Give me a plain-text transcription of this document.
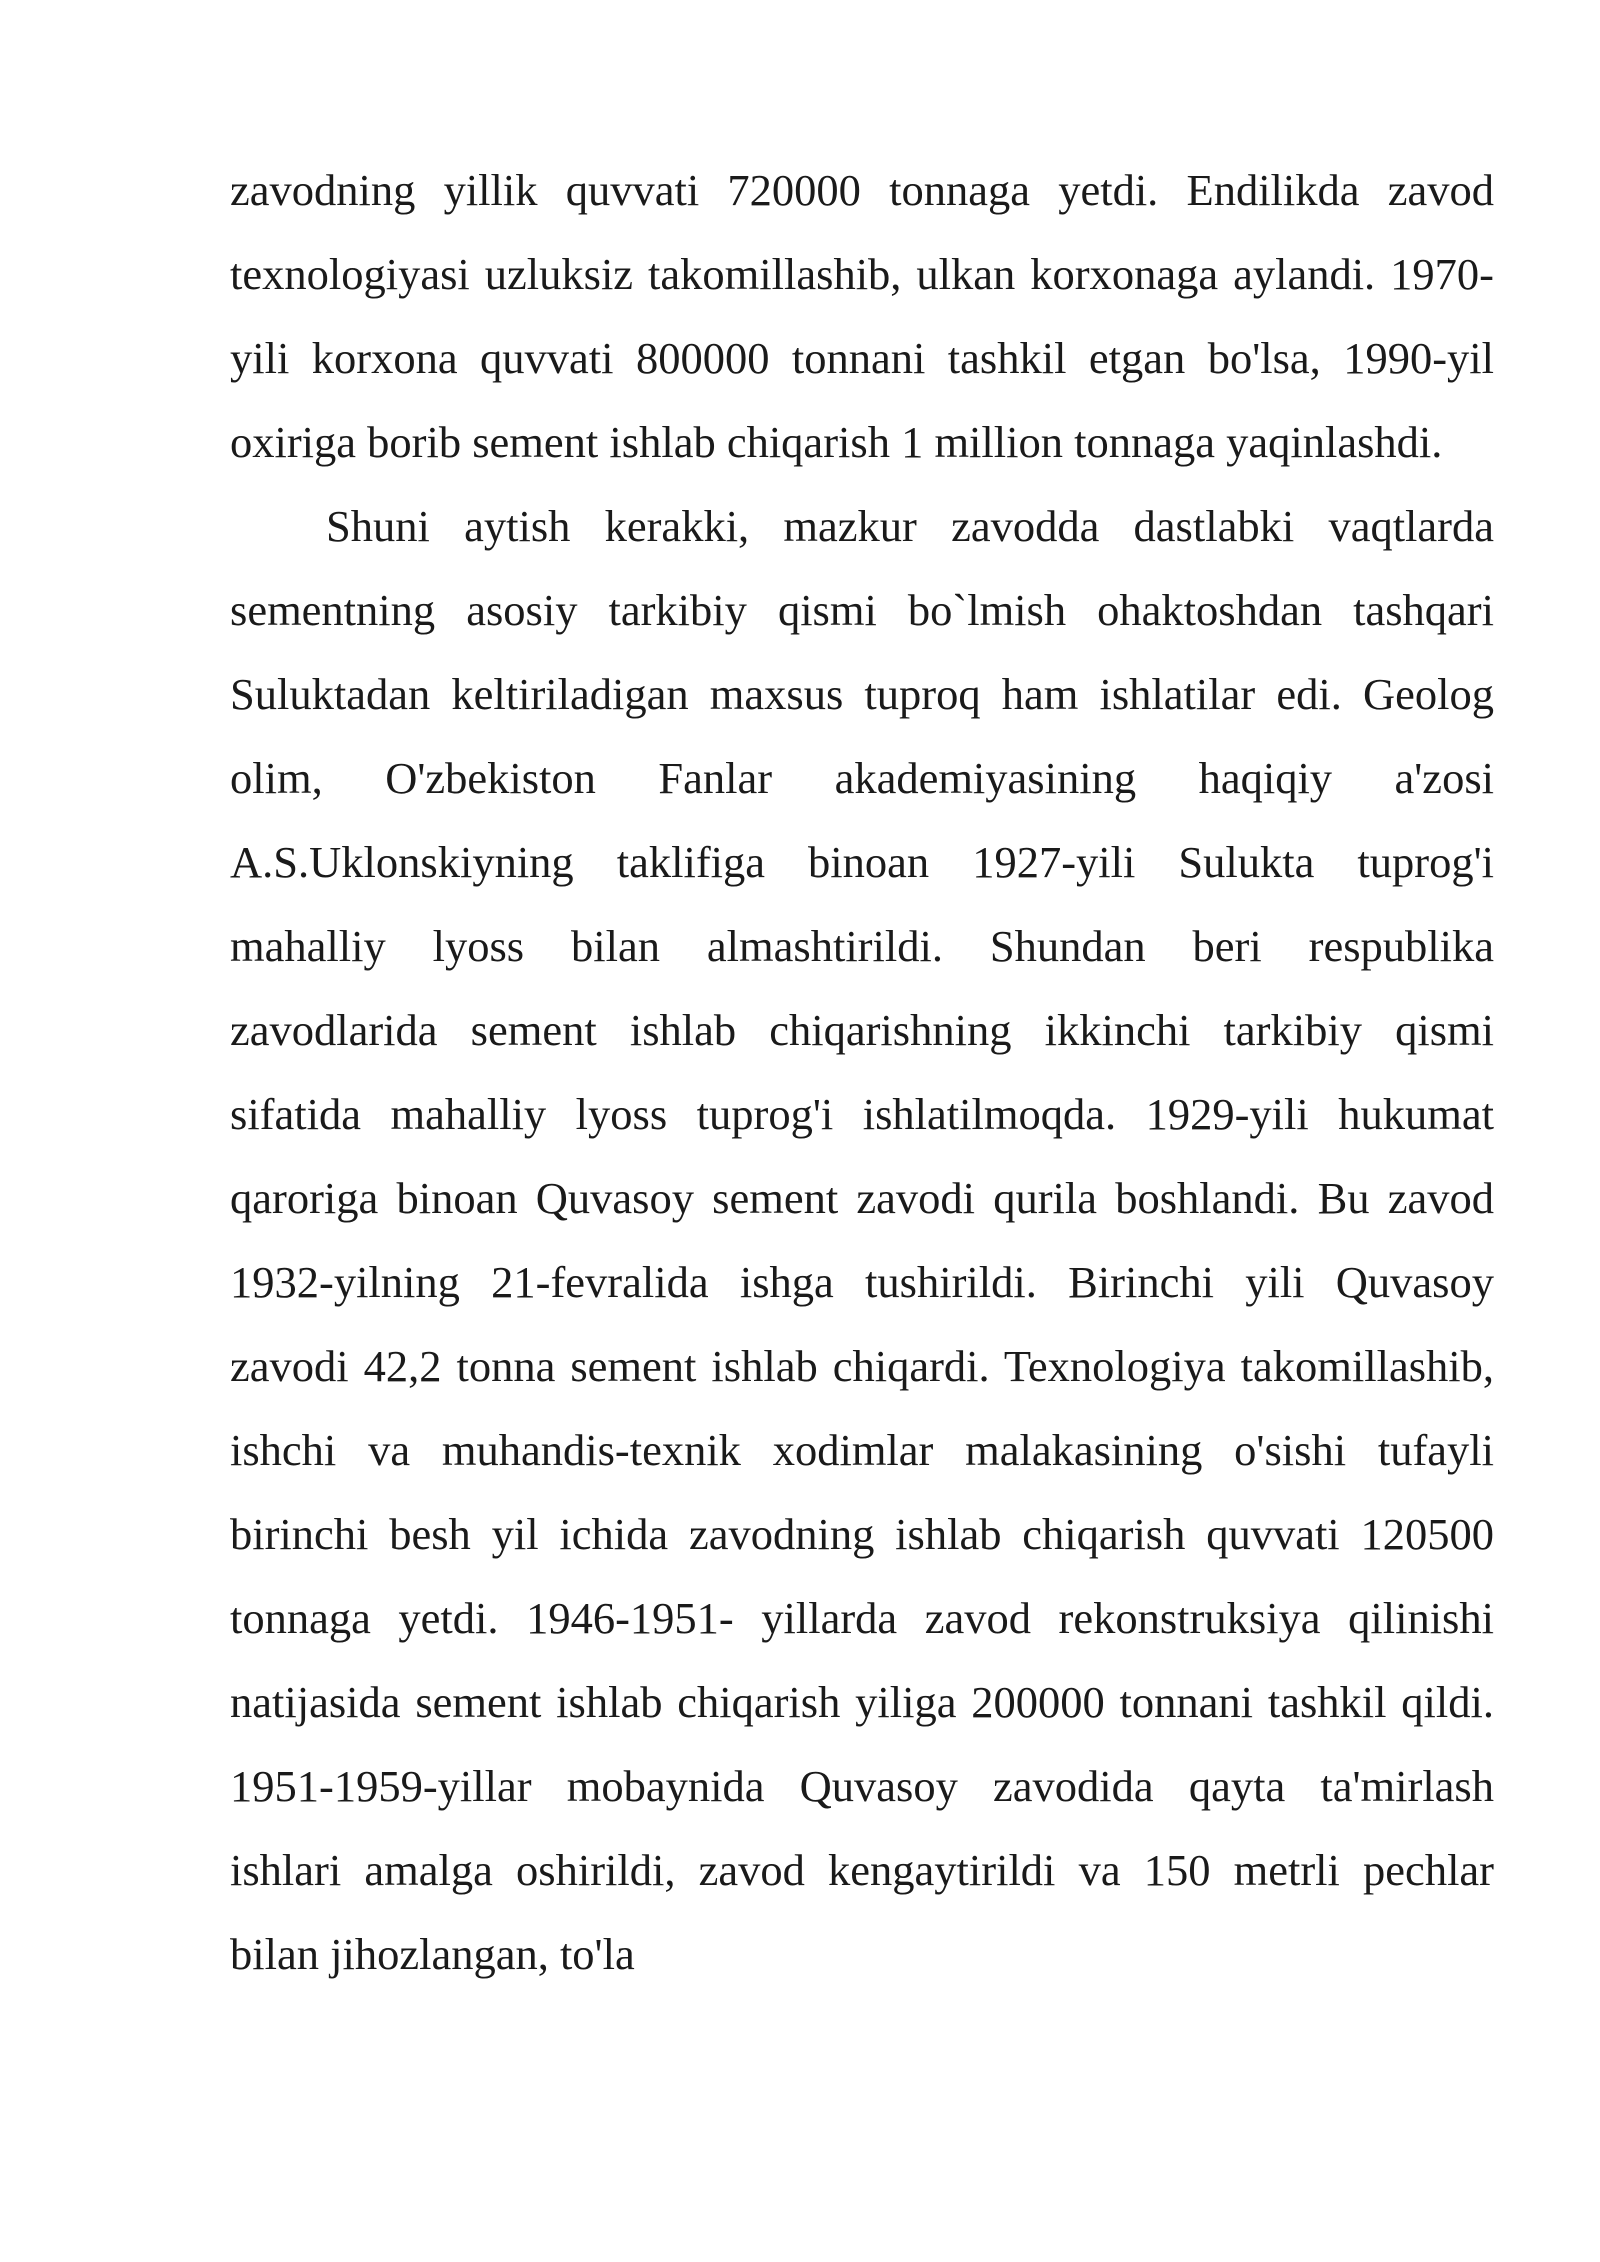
zavodning yillik quvvati 720000 tonnaga yetdi. Endilikda zavod texnologiyasi uzluksiz takomillashib, ulkan korxonaga aylandi. 1970- yili korxona quvvati 800000 tonnani tashkil etgan bo'lsa, 1990-yil oxiriga borib sement ishlab chiqarish 1 million tonnaga yaqinlashdi.

Shuni aytish kerakki, mazkur zavodda dastlabki vaqtlarda sementning asosiy tarkibiy qismi bo`lmish ohaktoshdan tashqari Suluktadan keltiriladigan maxsus tuproq ham ishlatilar edi. Geolog olim, O'zbekiston Fanlar akademiyasining haqiqiy a'zosi A.S.Uklonskiyning taklifiga binoan 1927-yili Sulukta tuprog'i mahalliy lyoss bilan almashtirildi. Shundan beri respublika zavodlarida sement ishlab chiqarishning ikkinchi tarkibiy qismi sifatida mahalliy lyoss tuprog'i ishlatilmoqda. 1929-yili hukumat qaroriga binoan Quvasoy sement zavodi qurila boshlandi. Bu zavod 1932-yilning 21-fevralida ishga tushirildi. Birinchi yili Quvasoy zavodi 42,2 tonna sement ishlab chiqardi. Texnologiya takomillashib, ishchi va muhandis-texnik xodimlar malakasining o'sishi tufayli birinchi besh yil ichida zavodning ishlab chiqarish quvvati 120500 tonnaga yetdi. 1946-1951- yillarda zavod rekonstruksiya qilinishi natijasida sement ishlab chiqarish yiliga 200000 tonnani tashkil qildi. 1951-1959-yillar mobaynida Quvasoy zavodida qayta ta'mirlash ishlari amalga oshirildi, zavod kengaytirildi va 150 metrli pechlar bilan jihozlangan, to'la
